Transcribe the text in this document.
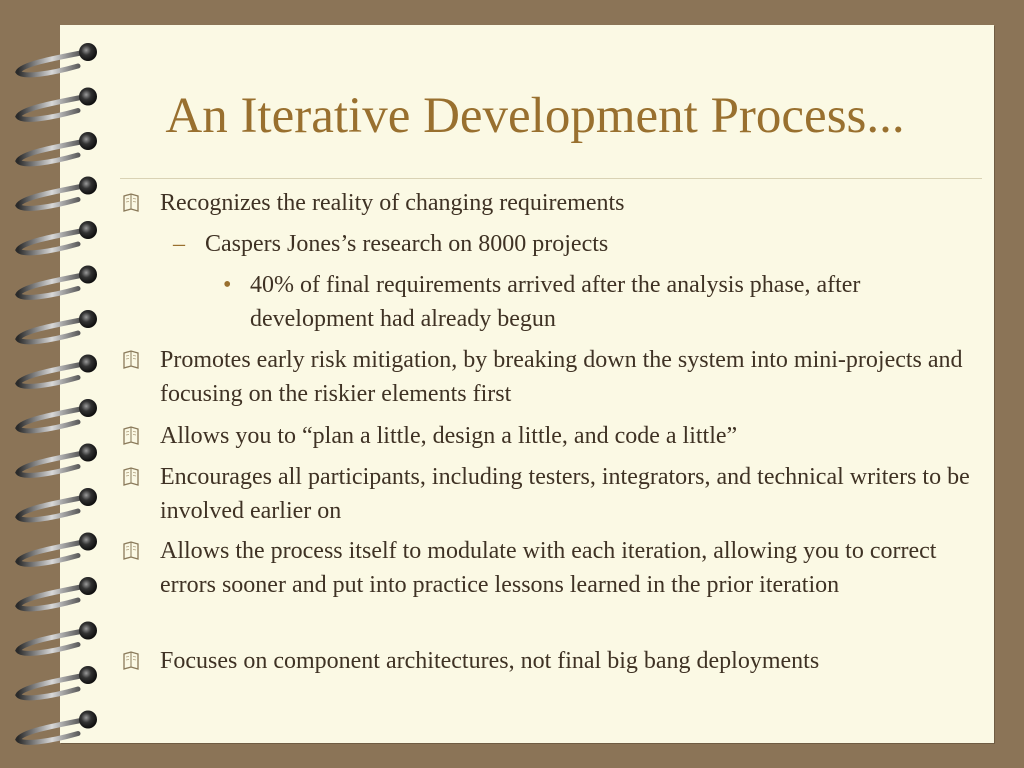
An Iterative Development Process...
Recognizes the reality of changing requirements
– Caspers Jones’s research on 8000 projects
• 40% of final requirements arrived after the analysis phase, after development had already begun
Promotes early risk mitigation, by breaking down the system into mini-projects and focusing on the riskier elements first
Allows you to “plan a little, design a little, and code a little”
Encourages all participants, including testers, integrators, and technical writers to be involved earlier on
Allows the process itself to modulate with each iteration, allowing you to correct errors sooner and put into practice lessons learned in the prior iteration
Focuses on component architectures, not final big bang deployments
